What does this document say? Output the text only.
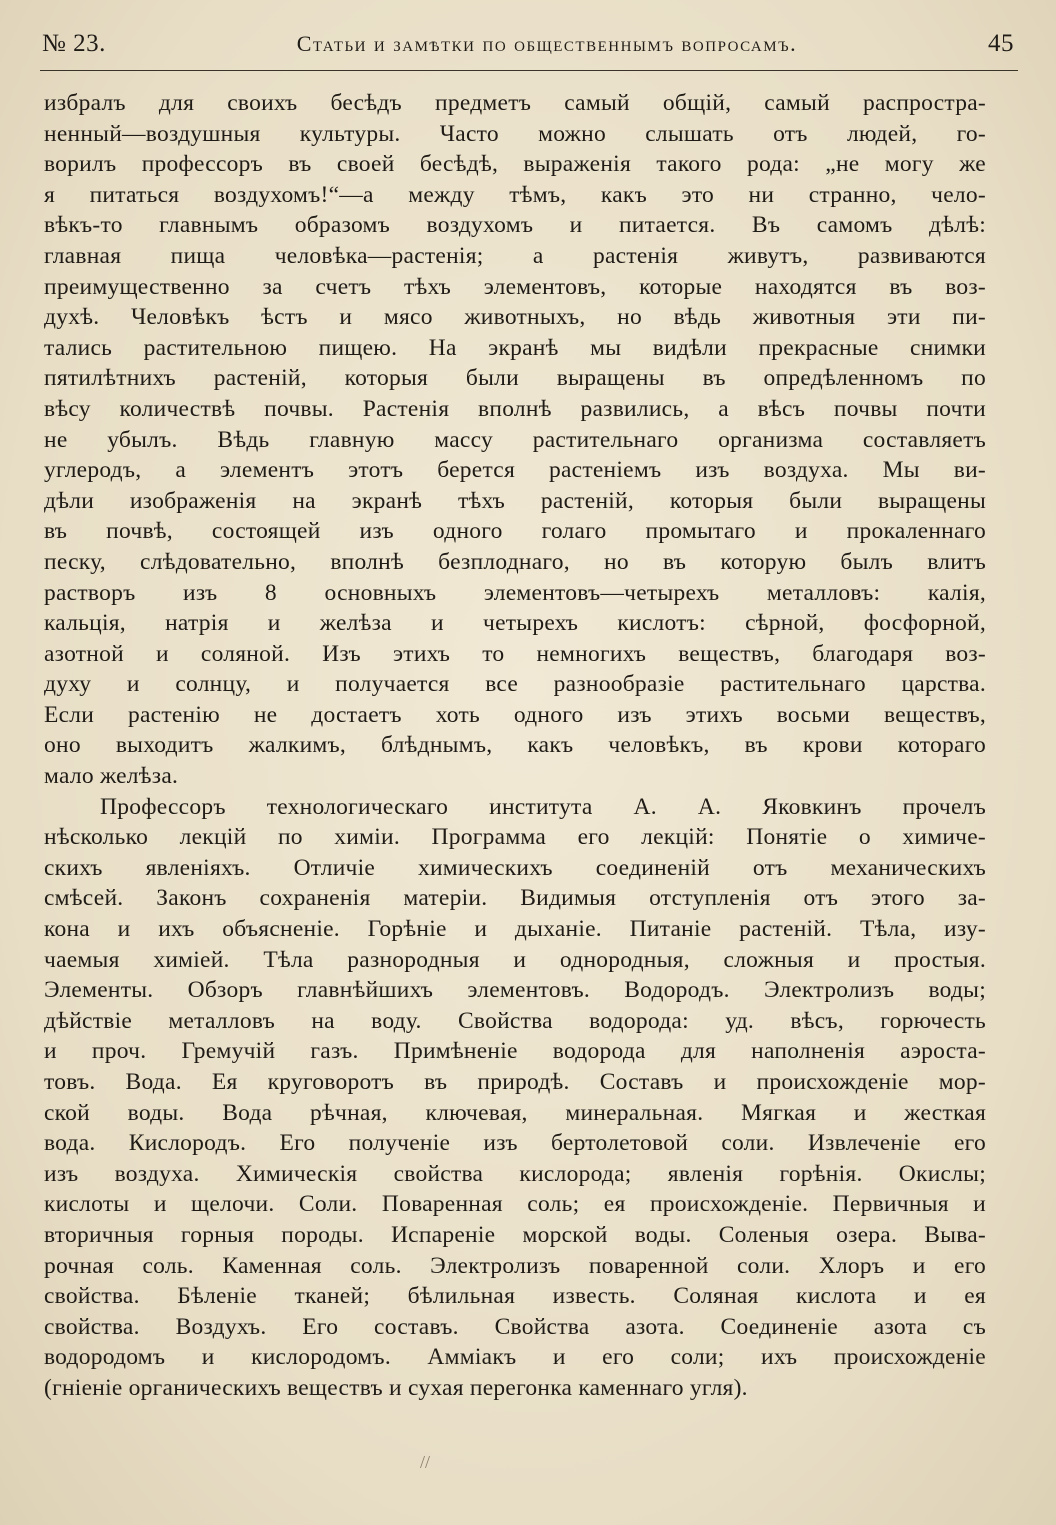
№ 23.	Статьи и замѣтки по общественнымъ вопросамъ.	45
избралъ для своихъ бесѣдъ предметъ самый общій, самый распростра-
ненный—воздушныя культуры. Часто можно слышать отъ людей, го-
ворилъ профессоръ въ своей бесѣдѣ, выраженія такого рода: „не могу же
я питаться воздухомъ!“—а между тѣмъ, какъ это ни странно, чело-
вѣкъ-то главнымъ образомъ воздухомъ и питается. Въ самомъ дѣлѣ:
главная пища человѣка—растенія; а растенія живутъ, развиваются
преимущественно за счетъ тѣхъ элементовъ, которые находятся въ воз-
духѣ. Человѣкъ ѣстъ и мясо животныхъ, но вѣдь животныя эти пи-
тались растительною пищею. На экранѣ мы видѣли прекрасные снимки
пятилѣтнихъ растеній, которыя были выращены въ опредѣленномъ по
вѣсу количествѣ почвы. Растенія вполнѣ развились, а вѣсъ почвы почти
не убылъ. Вѣдь главную массу растительнаго организма составляетъ
углеродъ, а элементъ этотъ берется растеніемъ изъ воздуха. Мы ви-
дѣли изображенія на экранѣ тѣхъ растеній, которыя были выращены
въ почвѣ, состоящей изъ одного голаго промытаго и прокаленнаго
песку, слѣдовательно, вполнѣ безплоднаго, но въ которую былъ влитъ
растворъ изъ 8 основныхъ элементовъ—четырехъ металловъ: калія,
кальція, натрія и желѣза и четырехъ кислотъ: сѣрной, фосфорной,
азотной и соляной. Изъ этихъ то немногихъ веществъ, благодаря воз-
духу и солнцу, и получается все разнообразіе растительнаго царства.
Если растенію не достаетъ хоть одного изъ этихъ восьми веществъ,
оно выходитъ жалкимъ, блѣднымъ, какъ человѣкъ, въ крови котораго
мало желѣза.
Профессоръ технологическаго института А. А. Яковкинъ прочелъ
нѣсколько лекцій по химіи. Программа его лекцій: Понятіе о химиче-
скихъ явленіяхъ. Отличіе химическихъ соединеній отъ механическихъ
смѣсей. Законъ сохраненія матеріи. Видимыя отступленія отъ этого за-
кона и ихъ объясненіе. Горѣніе и дыханіе. Питаніе растеній. Тѣла, изу-
чаемыя химіей. Тѣла разнородныя и однородныя, сложныя и простыя.
Элементы. Обзоръ главнѣйшихъ элементовъ. Водородъ. Электролизъ воды;
дѣйствіе металловъ на воду. Свойства водорода: уд. вѣсъ, горючесть
и проч. Гремучій газъ. Примѣненіе водорода для наполненія аэроста-
товъ. Вода. Ея круговоротъ въ природѣ. Составъ и происхожденіе мор-
ской воды. Вода рѣчная, ключевая, минеральная. Мягкая и жесткая
вода. Кислородъ. Его полученіе изъ бертолетовой соли. Извлеченіе его
изъ воздуха. Химическія свойства кислорода; явленія горѣнія. Окислы;
кислоты и щелочи. Соли. Поваренная соль; ея происхожденіе. Первичныя и
вторичныя горныя породы. Испареніе морской воды. Соленыя озера. Выва-
рочная соль. Каменная соль. Электролизъ поваренной соли. Хлоръ и его
свойства. Бѣленіе тканей; бѣлильная известь. Соляная кислота и ея
свойства. Воздухъ. Его составъ. Свойства азота. Соединеніе азота съ
водородомъ и кислородомъ. Амміакъ и его соли; ихъ происхожденіе
(гніеніе органическихъ веществъ и сухая перегонка каменнаго угля).
//
